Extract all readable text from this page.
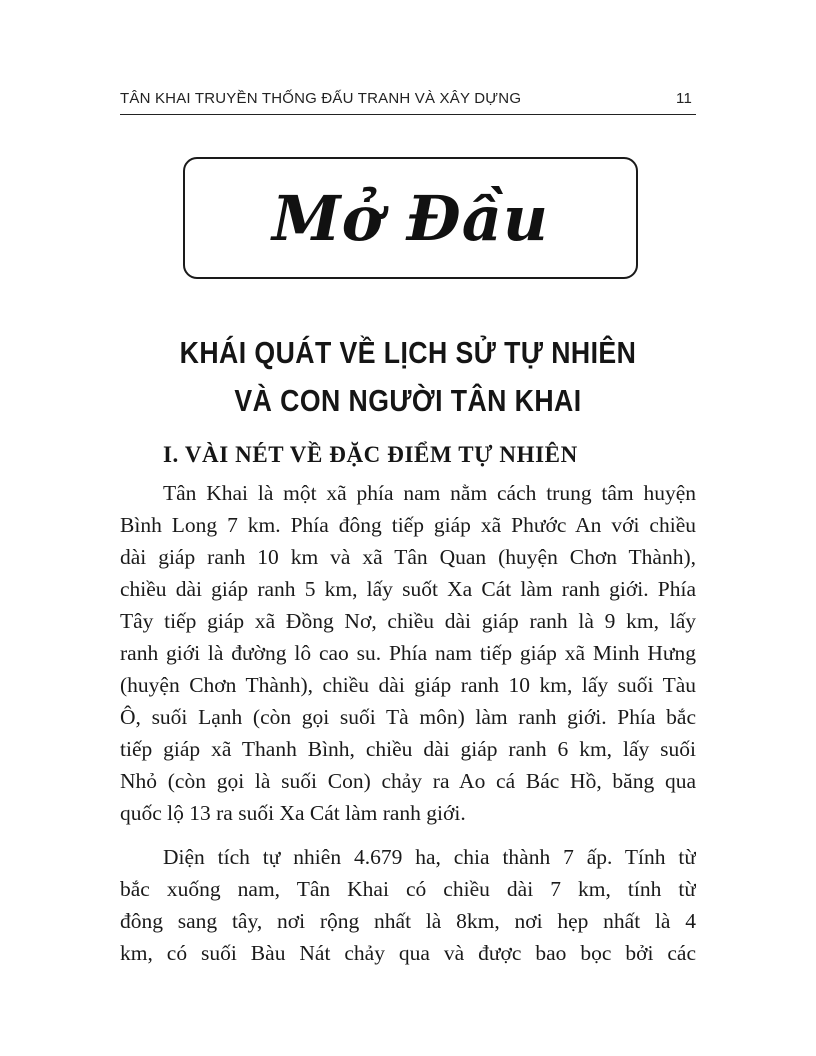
TÂN KHAI TRUYỀN THỐNG ĐẤU TRANH VÀ XÂY DỰNG	11
Mở Đầu
KHÁI QUÁT VỀ LỊCH SỬ TỰ NHIÊN
VÀ CON NGƯỜI TÂN KHAI
I. VÀI NÉT VỀ ĐẶC ĐIỂM TỰ NHIÊN
Tân Khai là một xã phía nam nằm cách trung tâm huyện
Bình Long 7 km. Phía đông tiếp giáp xã Phước An với chiều
dài giáp ranh 10 km và xã Tân Quan (huyện Chơn Thành),
chiều dài giáp ranh 5 km, lấy suốt Xa Cát làm ranh giới. Phía
Tây tiếp giáp xã Đồng Nơ, chiều dài giáp ranh là 9 km, lấy
ranh giới là đường lô cao su. Phía nam tiếp giáp xã Minh Hưng
(huyện Chơn Thành), chiều dài giáp ranh 10 km, lấy suối Tàu
Ô, suối Lạnh (còn gọi suối Tà môn) làm ranh giới. Phía bắc
tiếp giáp xã Thanh Bình, chiều dài giáp ranh 6 km, lấy suối
Nhỏ (còn gọi là suối Con) chảy ra Ao cá Bác Hồ, băng qua
quốc lộ 13 ra suối Xa Cát làm ranh giới.
Diện tích tự nhiên 4.679 ha, chia thành 7 ấp. Tính từ
bắc xuống nam, Tân Khai có chiều dài 7 km, tính từ
đông sang tây, nơi rộng nhất là 8km, nơi hẹp nhất là 4
km, có suối Bàu Nát chảy qua và được bao bọc bởi các
